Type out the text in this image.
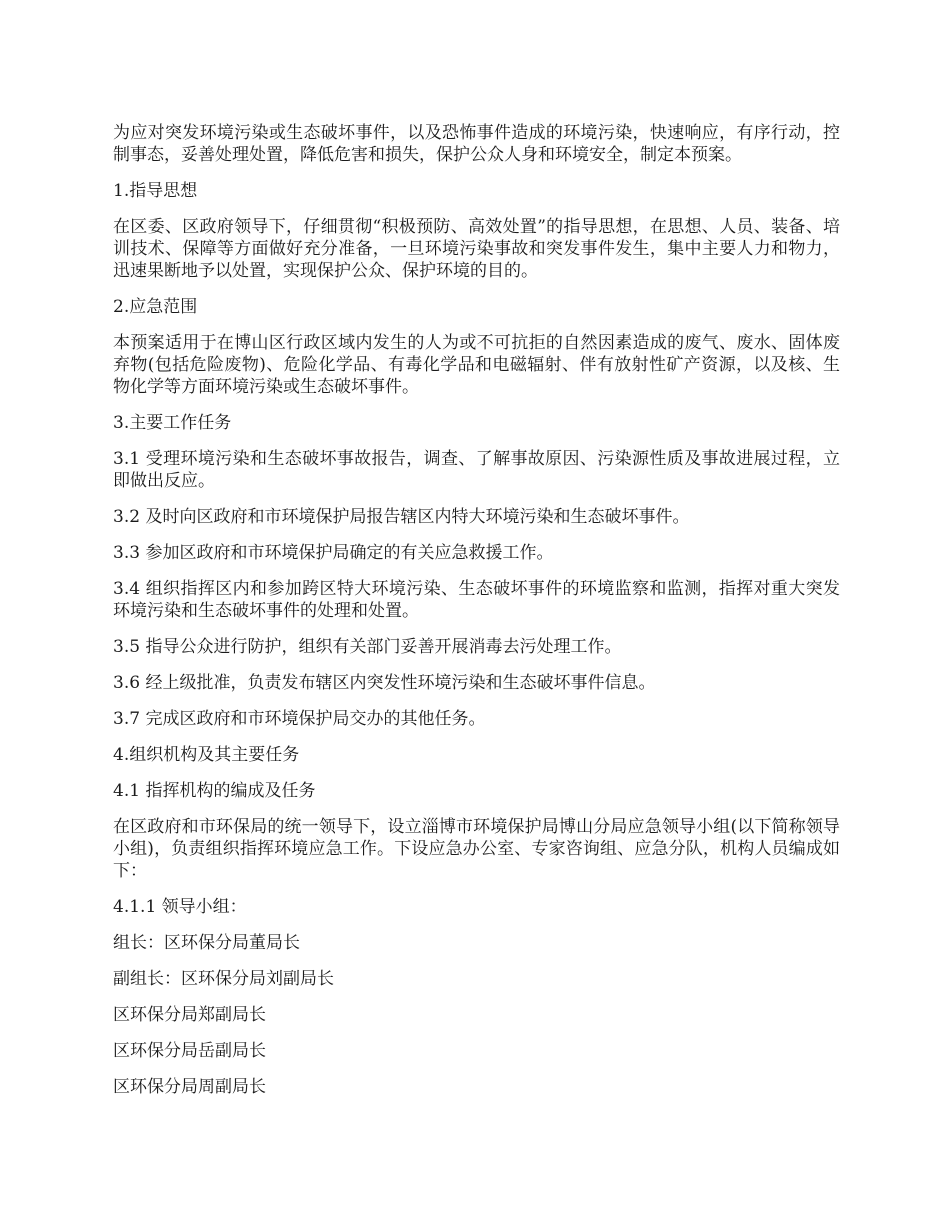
为应对突发环境污染或生态破坏事件，以及恐怖事件造成的环境污染，快速响应，有序行动，控制事态，妥善处理处置，降低危害和损失，保护公众人身和环境安全，制定本预案。

1.指导思想

在区委、区政府领导下，仔细贯彻“积极预防、高效处置”的指导思想，在思想、人员、装备、培训技术、保障等方面做好充分准备，一旦环境污染事故和突发事件发生，集中主要人力和物力，迅速果断地予以处置，实现保护公众、保护环境的目的。

2.应急范围

本预案适用于在博山区行政区域内发生的人为或不可抗拒的自然因素造成的废气、废水、固体废弃物(包括危险废物)、危险化学品、有毒化学品和电磁辐射、伴有放射性矿产资源，以及核、生物化学等方面环境污染或生态破坏事件。

3.主要工作任务

3.1 受理环境污染和生态破坏事故报告，调查、了解事故原因、污染源性质及事故进展过程，立即做出反应。

3.2 及时向区政府和市环境保护局报告辖区内特大环境污染和生态破坏事件。

3.3 参加区政府和市环境保护局确定的有关应急救援工作。

3.4 组织指挥区内和参加跨区特大环境污染、生态破坏事件的环境监察和监测，指挥对重大突发环境污染和生态破坏事件的处理和处置。

3.5 指导公众进行防护，组织有关部门妥善开展消毒去污处理工作。

3.6 经上级批准，负责发布辖区内突发性环境污染和生态破坏事件信息。

3.7 完成区政府和市环境保护局交办的其他任务。

4.组织机构及其主要任务

4.1 指挥机构的编成及任务

在区政府和市环保局的统一领导下，设立淄博市环境保护局博山分局应急领导小组(以下简称领导小组)，负责组织指挥环境应急工作。下设应急办公室、专家咨询组、应急分队，机构人员编成如下：

4.1.1 领导小组：

组长：区环保分局董局长

副组长：区环保分局刘副局长

区环保分局郑副局长

区环保分局岳副局长

区环保分局周副局长
